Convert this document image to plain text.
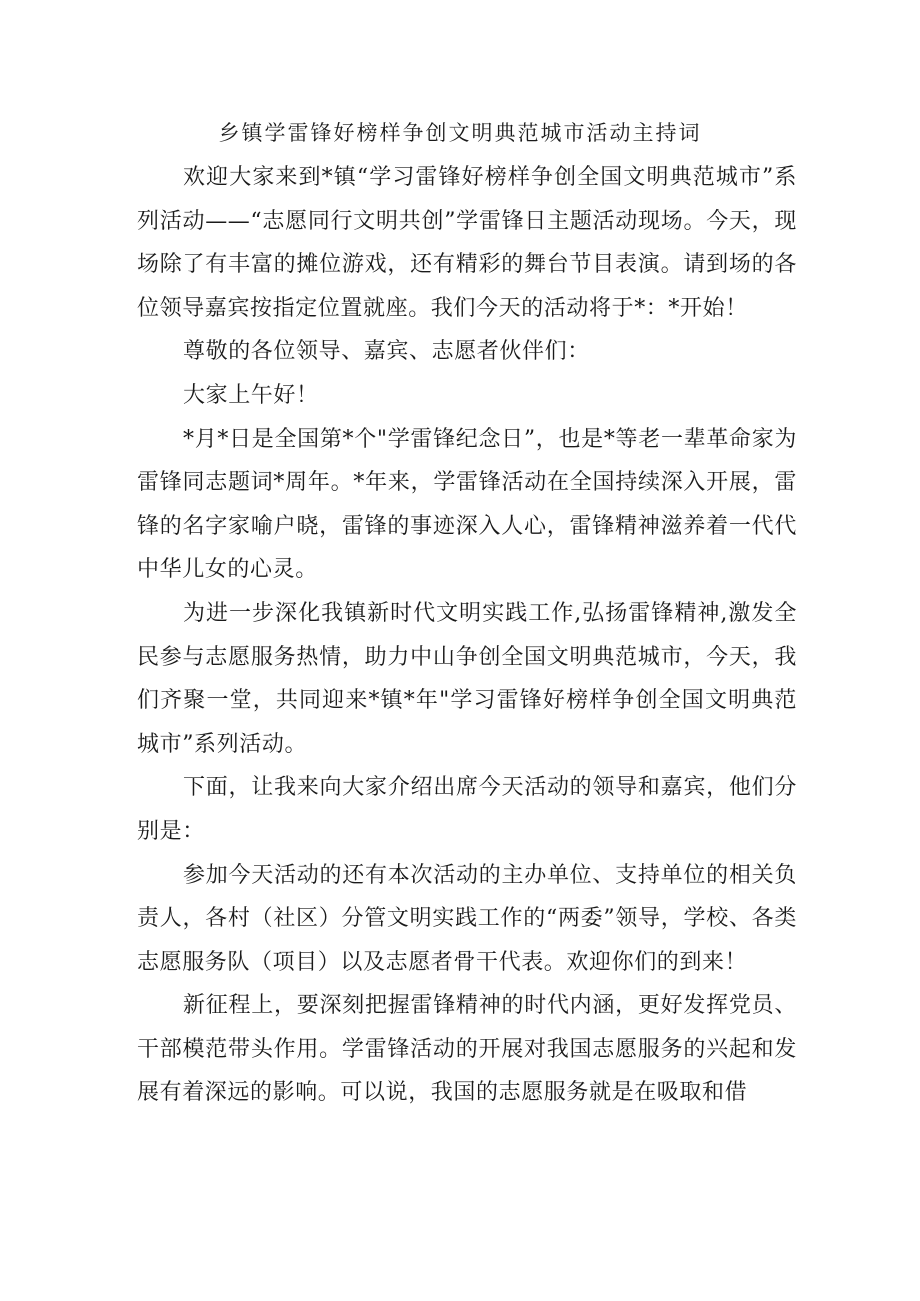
乡镇学雷锋好榜样争创文明典范城市活动主持词

欢迎大家来到*镇“学习雷锋好榜样争创全国文明典范城市”系列活动——“志愿同行文明共创”学雷锋日主题活动现场。今天，现场除了有丰富的摊位游戏，还有精彩的舞台节目表演。请到场的各位领导嘉宾按指定位置就座。我们今天的活动将于*：*开始！

尊敬的各位领导、嘉宾、志愿者伙伴们：

大家上午好！

*月*日是全国第*个"学雷锋纪念日”，也是*等老一辈革命家为雷锋同志题词*周年。*年来，学雷锋活动在全国持续深入开展，雷锋的名字家喻户晓，雷锋的事迹深入人心，雷锋精神滋养着一代代中华儿女的心灵。

为进一步深化我镇新时代文明实践工作,弘扬雷锋精神,激发全民参与志愿服务热情，助力中山争创全国文明典范城市，今天，我们齐聚一堂，共同迎来*镇*年"学习雷锋好榜样争创全国文明典范城市”系列活动。

下面，让我来向大家介绍出席今天活动的领导和嘉宾，他们分别是：

参加今天活动的还有本次活动的主办单位、支持单位的相关负责人，各村（社区）分管文明实践工作的“两委”领导，学校、各类志愿服务队（项目）以及志愿者骨干代表。欢迎你们的到来！

新征程上，要深刻把握雷锋精神的时代内涵，更好发挥党员、干部模范带头作用。学雷锋活动的开展对我国志愿服务的兴起和发展有着深远的影响。可以说，我国的志愿服务就是在吸取和借
